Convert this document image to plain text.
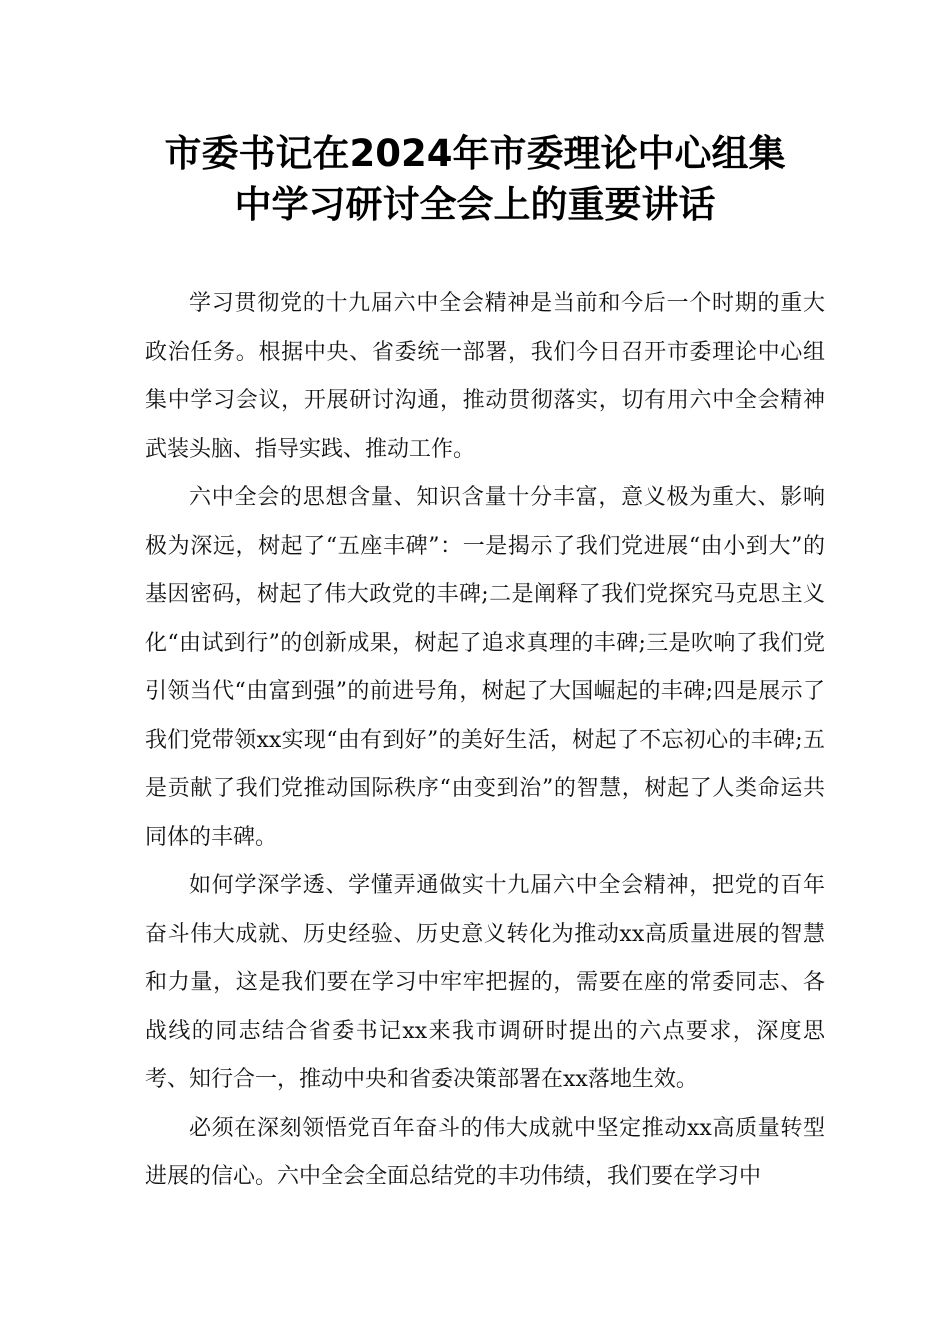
市委书记在2024年市委理论中心组集
中学习研讨全会上的重要讲话

学习贯彻党的十九届六中全会精神是当前和今后一个时期的重大政治任务。根据中央、省委统一部署，我们今日召开市委理论中心组集中学习会议，开展研讨沟通，推动贯彻落实，切有用六中全会精神武装头脑、指导实践、推动工作。

六中全会的思想含量、知识含量十分丰富，意义极为重大、影响极为深远，树起了“五座丰碑”：一是揭示了我们党进展“由小到大”的基因密码，树起了伟大政党的丰碑;二是阐释了我们党探究马克思主义化“由试到行”的创新成果，树起了追求真理的丰碑;三是吹响了我们党引领当代“由富到强”的前进号角，树起了大国崛起的丰碑;四是展示了我们党带领xx实现“由有到好”的美好生活，树起了不忘初心的丰碑;五是贡献了我们党推动国际秩序“由变到治”的智慧，树起了人类命运共同体的丰碑。

如何学深学透、学懂弄通做实十九届六中全会精神，把党的百年奋斗伟大成就、历史经验、历史意义转化为推动xx高质量进展的智慧和力量，这是我们要在学习中牢牢把握的，需要在座的常委同志、各战线的同志结合省委书记xx来我市调研时提出的六点要求，深度思考、知行合一，推动中央和省委决策部署在xx落地生效。

必须在深刻领悟党百年奋斗的伟大成就中坚定推动xx高质量转型进展的信心。六中全会全面总结党的丰功伟绩，我们要在学习中
